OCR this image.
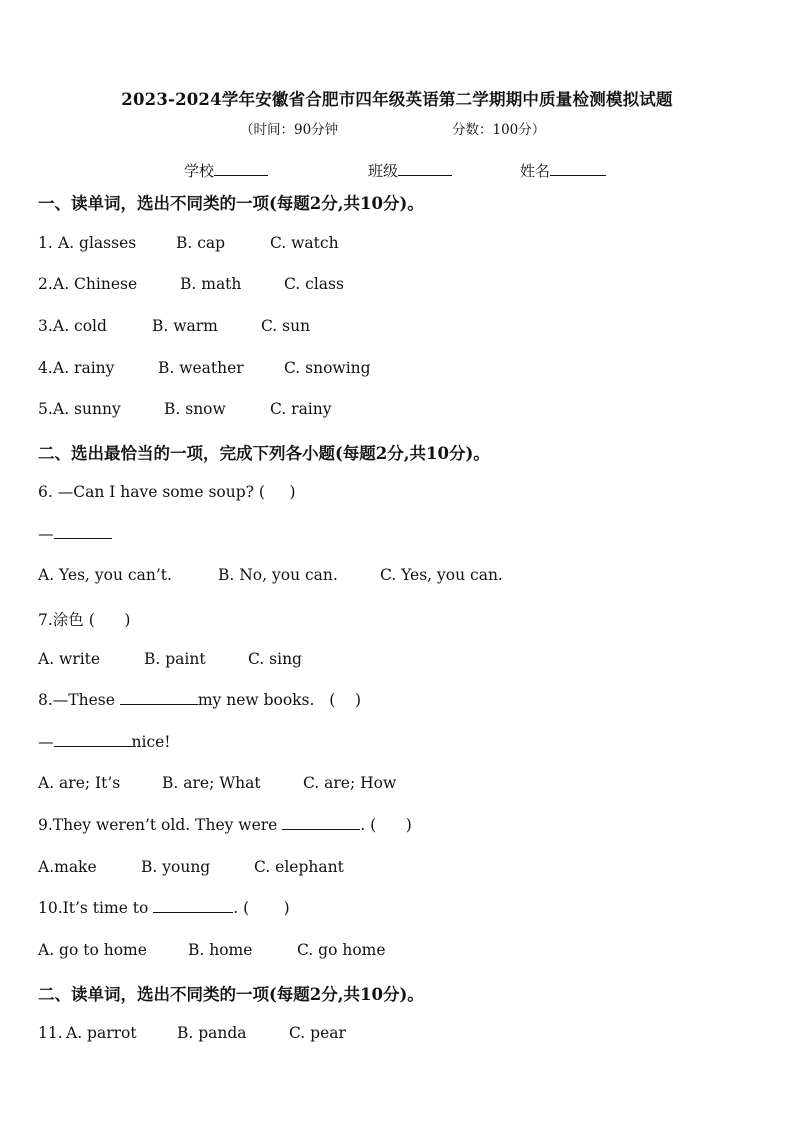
2023-2024学年安徽省合肥市四年级英语第二学期期中质量检测模拟试题
（时间：90分钟	分数：100分）
学校	班级	姓名
一、读单词，选出不同类的一项(每题2分,共10分)。
1. A. glasses	B. cap	C. watch
2. A. Chinese	B. math	C. class
3. A. cold	B. warm	C. sun
4. A. rainy	B. weather	C. snowing
5. A. sunny	B. snow	C. rainy
二、选出最恰当的一项，完成下列各小题(每题2分,共10分)。
6. —Can I have some soup? (     )
—
A. Yes, you can’t.	B. No, you can.	C. Yes, you can.
7.涂色 (      )
A. write	B. paint	C. sing
8.—These	my new books.   (    )
—	nice!
A. are; It’s	B. are; What	C. are; How
9.They weren’t old. They were	. (      )
A.make	B. young	C. elephant
10.It’s time to	. (       )
A. go to home	B. home	C. go home
二、读单词，选出不同类的一项(每题2分,共10分)。
11.
A. parrot	B. panda	C. pear
